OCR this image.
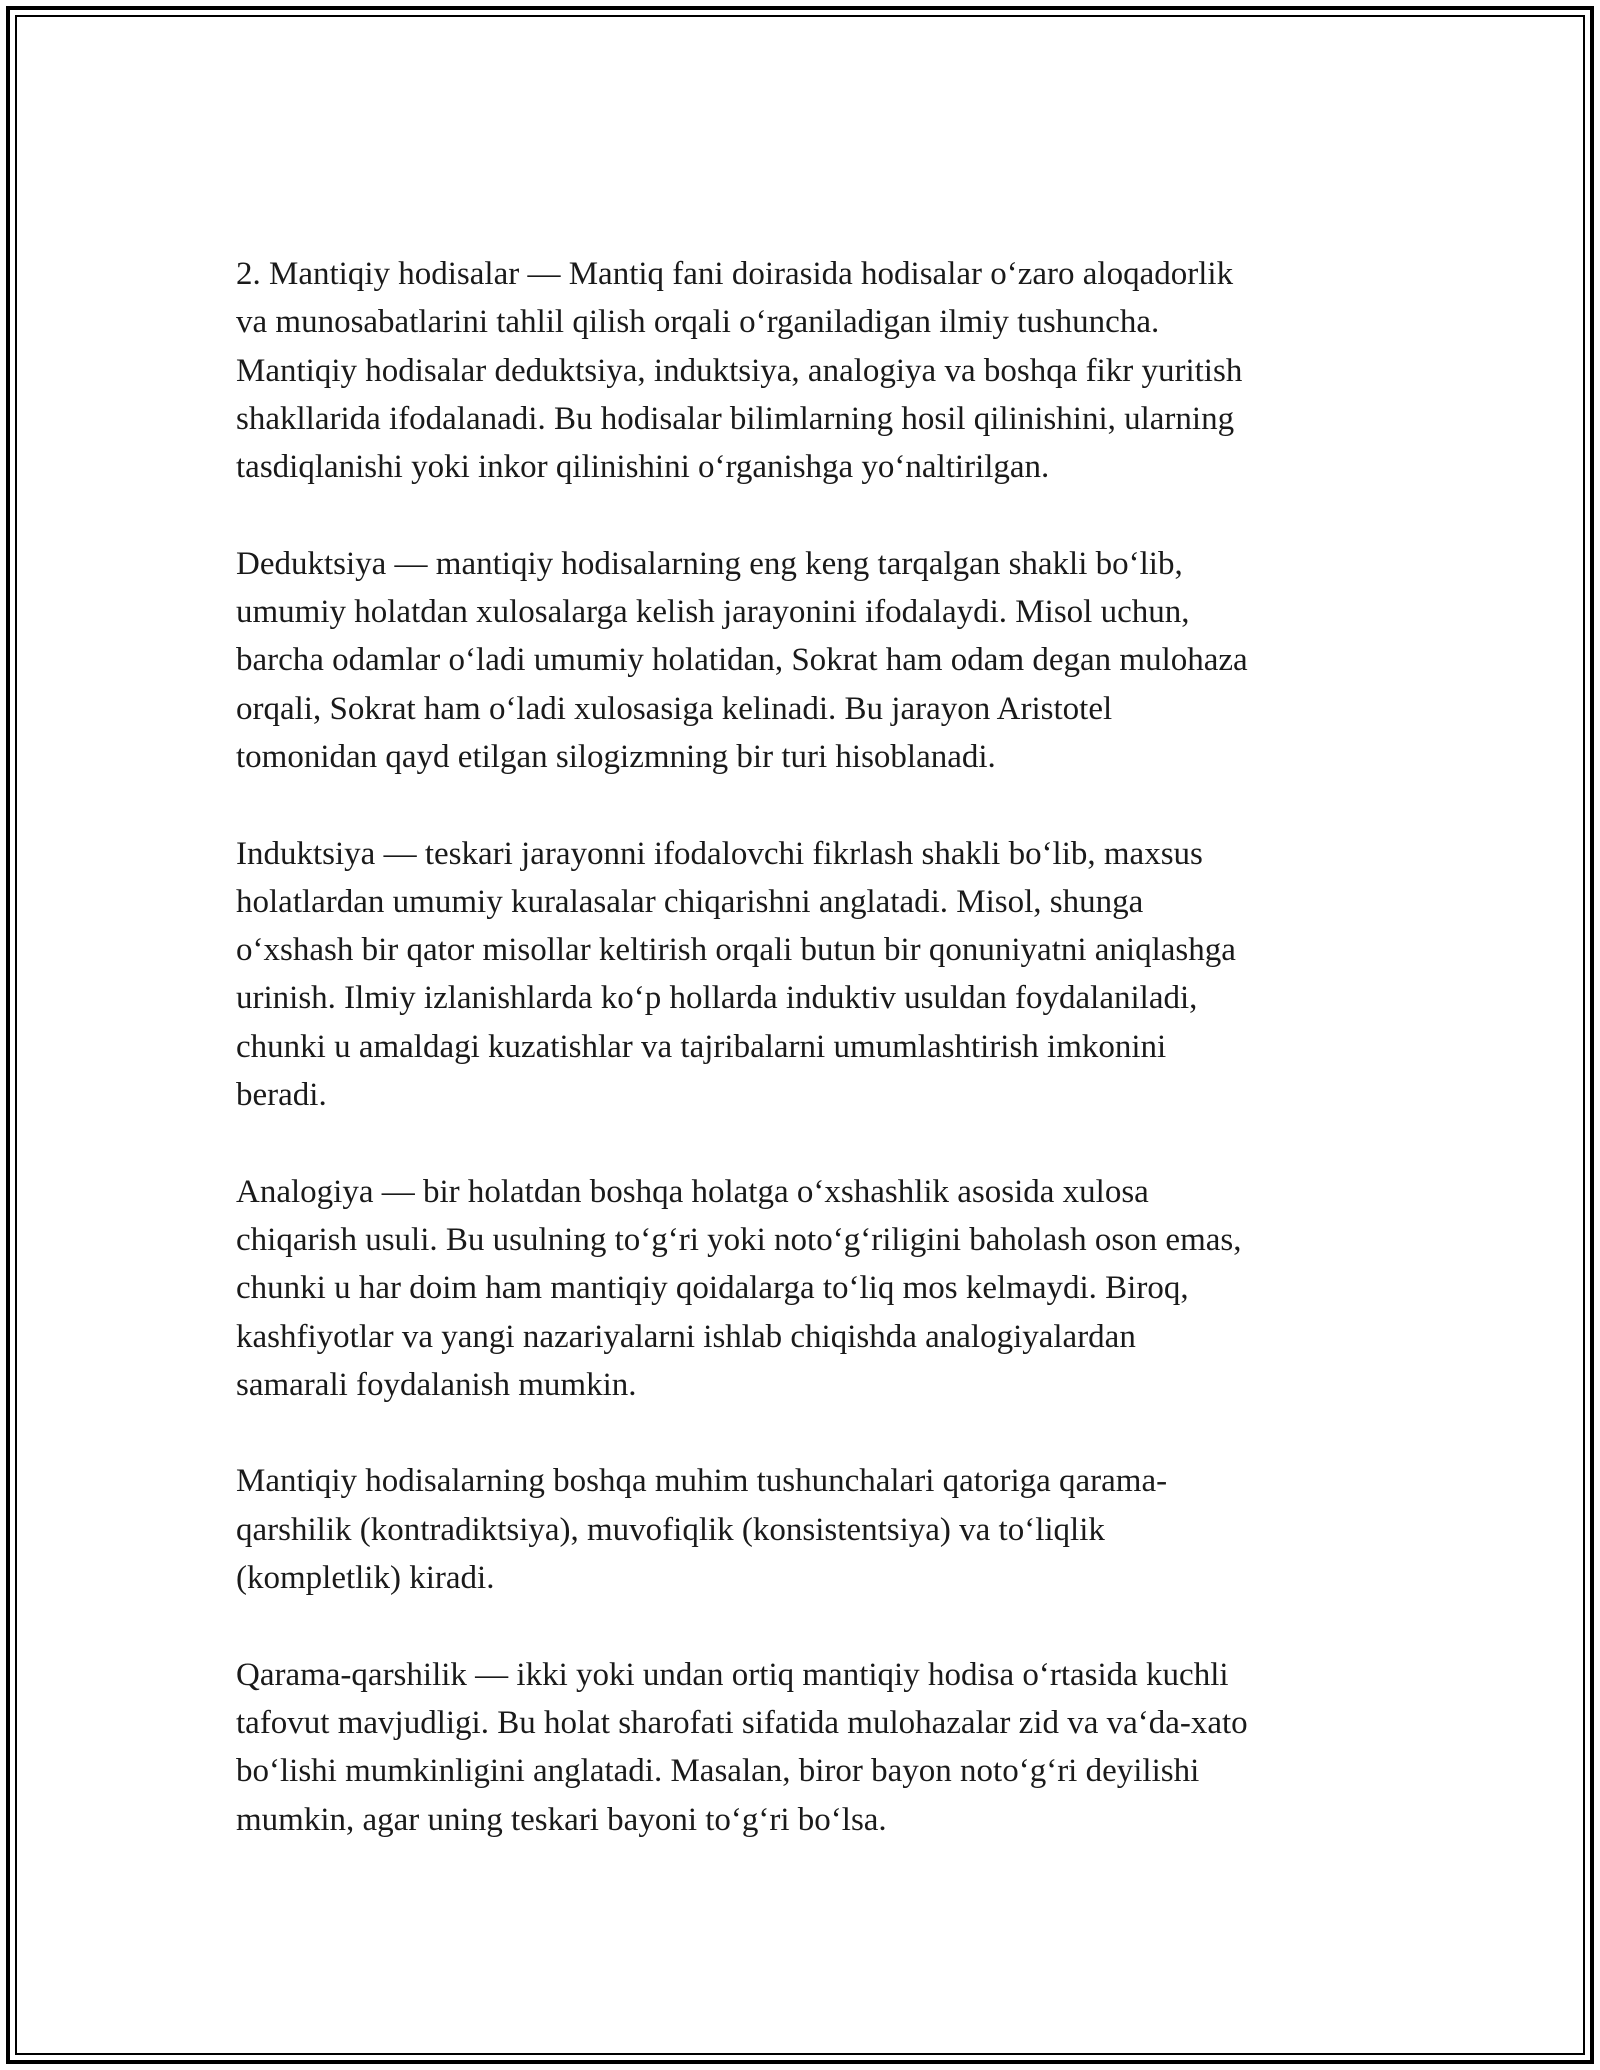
2. Mantiqiy hodisalar — Mantiq fani doirasida hodisalar o‘zaro aloqadorlik
va munosabatlarini tahlil qilish orqali o‘rganiladigan ilmiy tushuncha.
Mantiqiy hodisalar deduktsiya, induktsiya, analogiya va boshqa fikr yuritish
shakllarida ifodalanadi. Bu hodisalar bilimlarning hosil qilinishini, ularning
tasdiqlanishi yoki inkor qilinishini o‘rganishga yo‘naltirilgan.

Deduktsiya — mantiqiy hodisalarning eng keng tarqalgan shakli bo‘lib,
umumiy holatdan xulosalarga kelish jarayonini ifodalaydi. Misol uchun,
barcha odamlar o‘ladi umumiy holatidan, Sokrat ham odam degan mulohaza
orqali, Sokrat ham o‘ladi xulosasiga kelinadi. Bu jarayon Aristotel
tomonidan qayd etilgan silogizmning bir turi hisoblanadi.

Induktsiya — teskari jarayonni ifodalovchi fikrlash shakli bo‘lib, maxsus
holatlardan umumiy kuralasalar chiqarishni anglatadi. Misol, shunga
o‘xshash bir qator misollar keltirish orqali butun bir qonuniyatni aniqlashga
urinish. Ilmiy izlanishlarda ko‘p hollarda induktiv usuldan foydalaniladi,
chunki u amaldagi kuzatishlar va tajribalarni umumlashtirish imkonini
beradi.

Analogiya — bir holatdan boshqa holatga o‘xshashlik asosida xulosa
chiqarish usuli. Bu usulning to‘g‘ri yoki noto‘g‘riligini baholash oson emas,
chunki u har doim ham mantiqiy qoidalarga to‘liq mos kelmaydi. Biroq,
kashfiyotlar va yangi nazariyalarni ishlab chiqishda analogiyalardan
samarali foydalanish mumkin.

Mantiqiy hodisalarning boshqa muhim tushunchalari qatoriga qarama-
qarshilik (kontradiktsiya), muvofiqlik (konsistentsiya) va to‘liqlik
(kompletlik) kiradi.

Qarama-qarshilik — ikki yoki undan ortiq mantiqiy hodisa o‘rtasida kuchli
tafovut mavjudligi. Bu holat sharofati sifatida mulohazalar zid va va‘da-xato
bo‘lishi mumkinligini anglatadi. Masalan, biror bayon noto‘g‘ri deyilishi
mumkin, agar uning teskari bayoni to‘g‘ri bo‘lsa.
